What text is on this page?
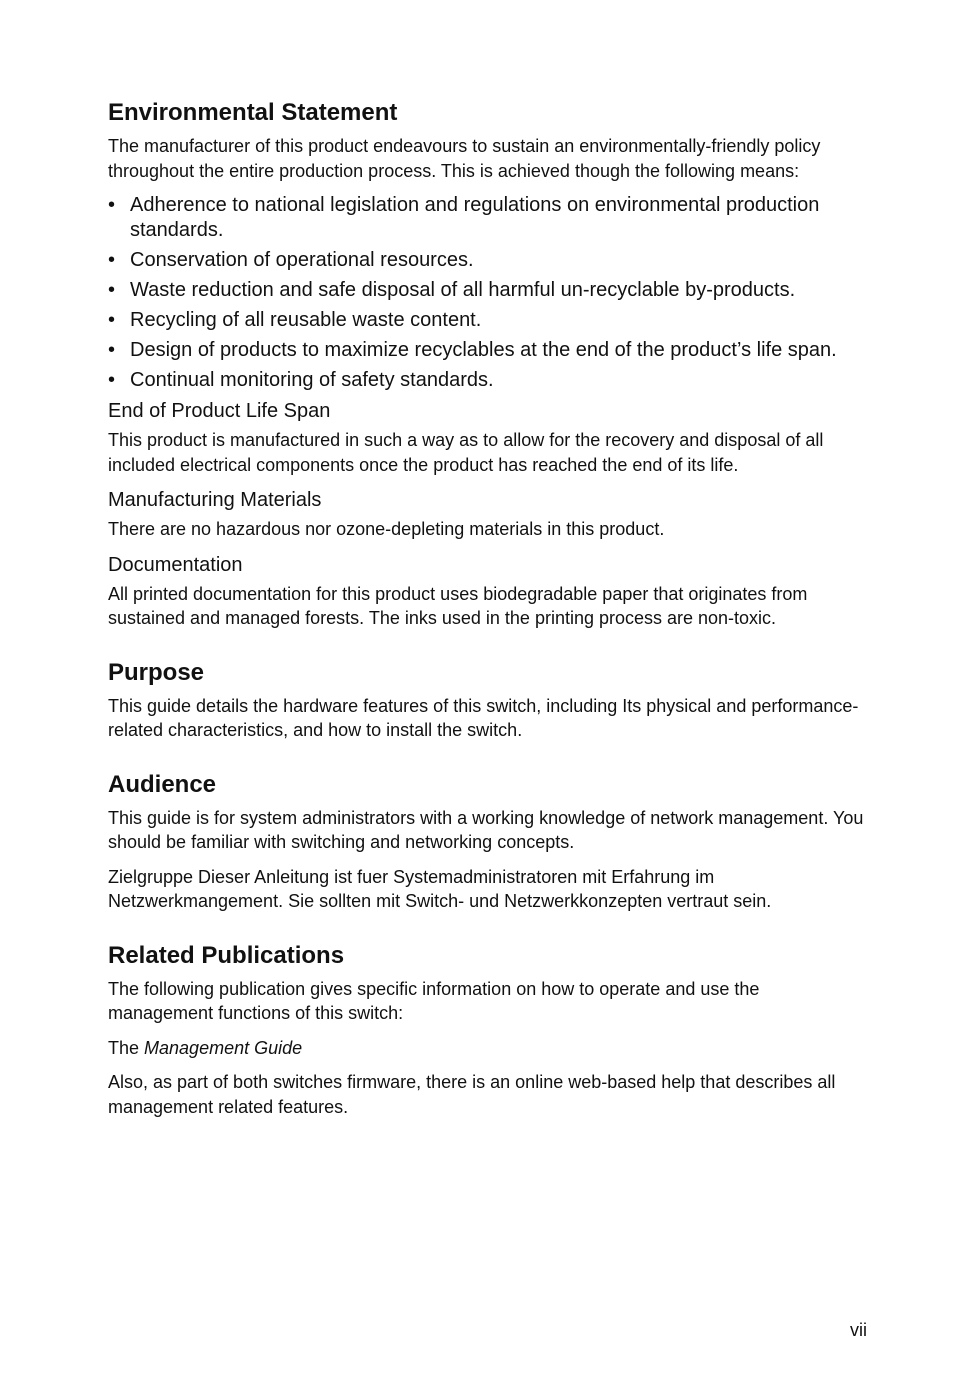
Environmental Statement

The manufacturer of this product endeavours to sustain an environmentally-friendly policy throughout the entire production process. This is achieved though the following means:

• Adherence to national legislation and regulations on environmental production standards.
• Conservation of operational resources.
• Waste reduction and safe disposal of all harmful un-recyclable by-products.
• Recycling of all reusable waste content.
• Design of products to maximize recyclables at the end of the product’s life span.
• Continual monitoring of safety standards.
End of Product Life Span

This product is manufactured in such a way as to allow for the recovery and disposal of all included electrical components once the product has reached the end of its life.

Manufacturing Materials

There are no hazardous nor ozone-depleting materials in this product.

Documentation

All printed documentation for this product uses biodegradable paper that originates from sustained and managed forests. The inks used in the printing process are non-toxic.

Purpose

This guide details the hardware features of this switch, including Its physical and performance-related characteristics, and how to install the switch.

Audience

This guide is for system administrators with a working knowledge of network management. You should be familiar with switching and networking concepts.

Zielgruppe Dieser Anleitung ist fuer Systemadministratoren mit Erfahrung im Netzwerkmangement. Sie sollten mit Switch- und Netzwerkkonzepten vertraut sein.

Related Publications

The following publication gives specific information on how to operate and use the management functions of this switch:

The Management Guide

Also, as part of both switches firmware, there is an online web-based help that describes all management related features.

vii
